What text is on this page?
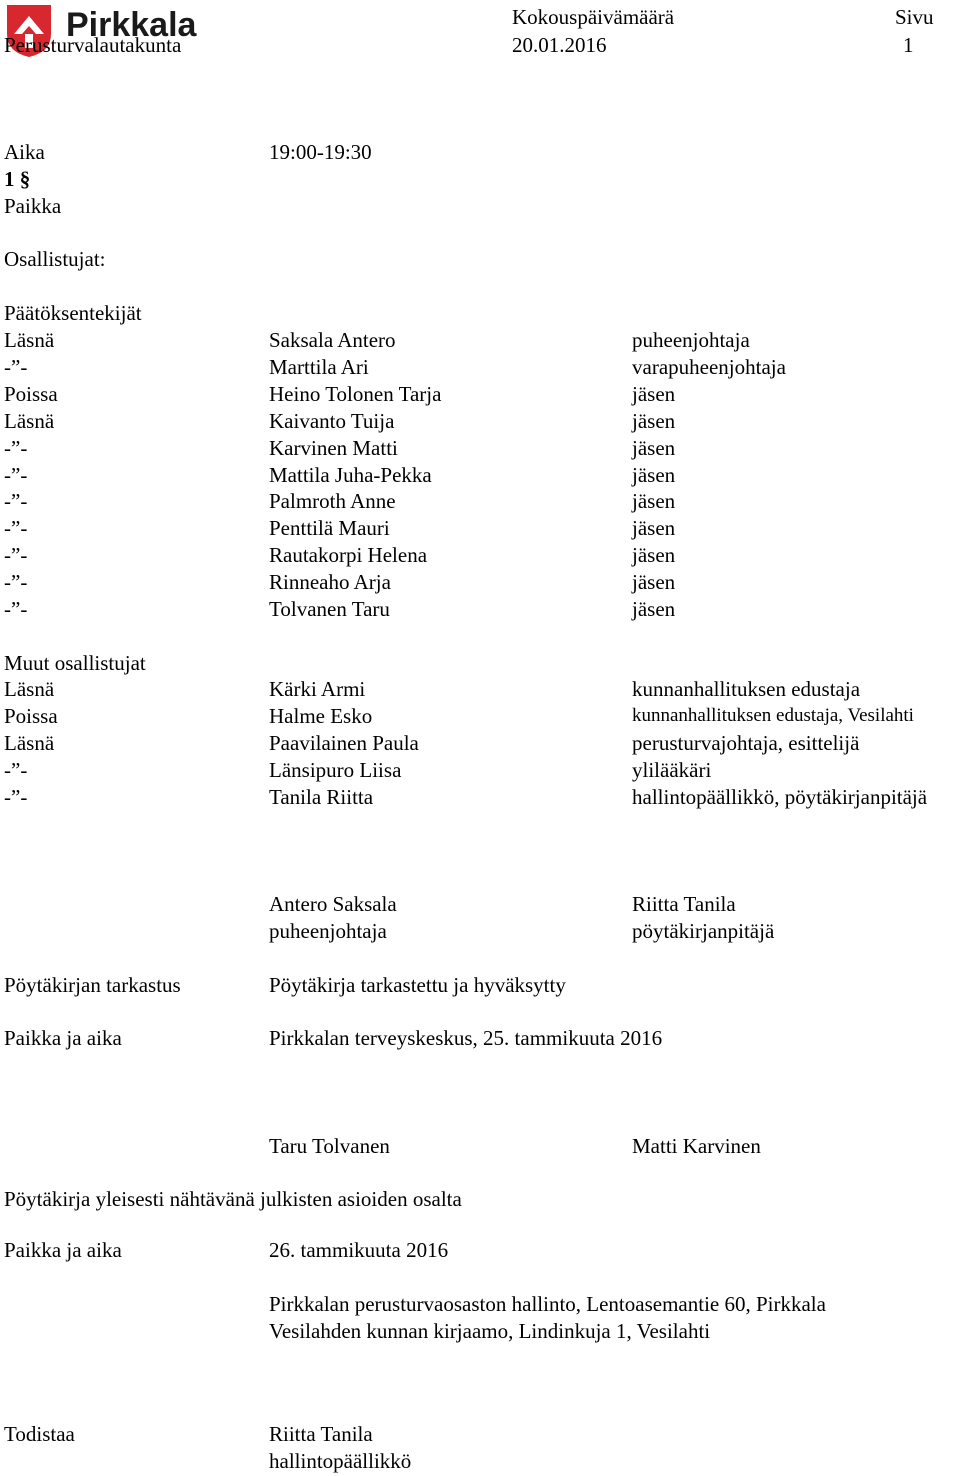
Pirkkala
Perusturvalautakunta
Kokouspäivämäärä
20.01.2016
Sivu
1
Aika	19:00-19:30
1 §
Paikka
Osallistujat:
Päätöksentekijät
Läsnä	Saksala Antero	puheenjohtaja
-”-	Marttila Ari	varapuheenjohtaja
Poissa	Heino Tolonen Tarja	jäsen
Läsnä	Kaivanto Tuija	jäsen
-”-	Karvinen Matti	jäsen
-”-	Mattila Juha-Pekka	jäsen
-”-	Palmroth Anne	jäsen
-”-	Penttilä Mauri	jäsen
-”-	Rautakorpi Helena	jäsen
-”-	Rinneaho Arja	jäsen
-”-	Tolvanen Taru	jäsen
Muut osallistujat
Läsnä	Kärki Armi	kunnanhallituksen edustaja
Poissa	Halme Esko	kunnanhallituksen edustaja, Vesilahti
Läsnä	Paavilainen Paula	perusturvajohtaja, esittelijä
-”-	Länsipuro Liisa	ylilääkäri
-”-	Tanila Riitta	hallintopäällikkö, pöytäkirjanpitäjä
Antero Saksala
puheenjohtaja
Riitta Tanila
pöytäkirjanpitäjä
Pöytäkirjan tarkastus	Pöytäkirja tarkastettu ja hyväksytty
Paikka ja aika	Pirkkalan terveyskeskus, 25. tammikuuta 2016
Taru Tolvanen	Matti Karvinen
Pöytäkirja yleisesti nähtävänä julkisten asioiden osalta
Paikka ja aika	26. tammikuuta 2016
Pirkkalan perusturvaosaston hallinto, Lentoasemantie 60, Pirkkala
Vesilahden kunnan kirjaamo, Lindinkuja 1, Vesilahti
Todistaa	Riitta Tanila
hallintopäällikkö
